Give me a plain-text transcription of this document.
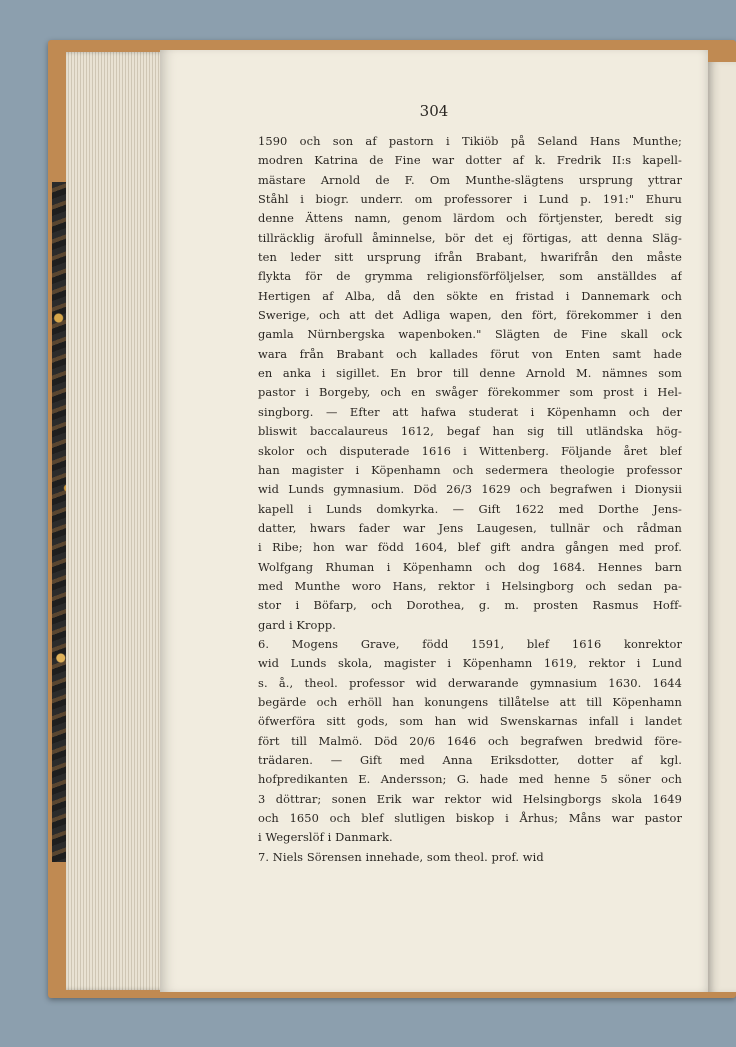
304
1590 och son af pastorn i Tikiöb på Seland Hans Munthe;
modren Katrina de Fine war dotter af k. Fredrik II:s kapell-
mästare Arnold de F. Om Munthe-slägtens ursprung yttrar
Ståhl i biogr. underr. om professorer i Lund p. 191:" Ehuru
denne Ättens namn, genom lärdom och förtjenster, beredt sig
tillräcklig ärofull åminnelse, bör det ej förtigas, att denna Släg-
ten leder sitt ursprung ifrån Brabant, hwarifrån den måste
flykta för de grymma religionsförföljelser, som anställdes af
Hertigen af Alba, då den sökte en fristad i Dannemark och
Swerige, och att det Adliga wapen, den fört, förekommer i den
gamla Nürnbergska wapenboken." Slägten de Fine skall ock
wara från Brabant och kallades förut von Enten samt hade
en anka i sigillet. En bror till denne Arnold M. nämnes som
pastor i Borgeby, och en swåger förekommer som prost i Hel-
singborg. — Efter att hafwa studerat i Köpenhamn och der
bliswit baccalaureus 1612, begaf han sig till utländska hög-
skolor och disputerade 1616 i Wittenberg. Följande året blef
han magister i Köpenhamn och sedermera theologie professor
wid Lunds gymnasium. Död 26/3 1629 och begrafwen i Dionysii
kapell i Lunds domkyrka. — Gift 1622 med Dorthe Jens-
datter, hwars fader war Jens Laugesen, tullnär och rådman
i Ribe; hon war född 1604, blef gift andra gången med prof.
Wolfgang Rhuman i Köpenhamn och dog 1684. Hennes barn
med Munthe woro Hans, rektor i Helsingborg och sedan pa-
stor i Böfarp, och Dorothea, g. m. prosten Rasmus Hoff-
gard i Kropp.
6. Mogens Grave, född 1591, blef 1616 konrektor
wid Lunds skola, magister i Köpenhamn 1619, rektor i Lund
s. å., theol. professor wid derwarande gymnasium 1630. 1644
begärde och erhöll han konungens tillåtelse att till Köpenhamn
öfwerföra sitt gods, som han wid Swenskarnas infall i landet
fört till Malmö. Död 20/6 1646 och begrafwen bredwid före-
trädaren. — Gift med Anna Eriksdotter, dotter af kgl.
hofpredikanten E. Andersson; G. hade med henne 5 söner och
3 döttrar; sonen Erik war rektor wid Helsingborgs skola 1649
och 1650 och blef slutligen biskop i Århus; Måns war pastor
i Wegerslöf i Danmark.
7. Niels Sörensen innehade, som theol. prof. wid
